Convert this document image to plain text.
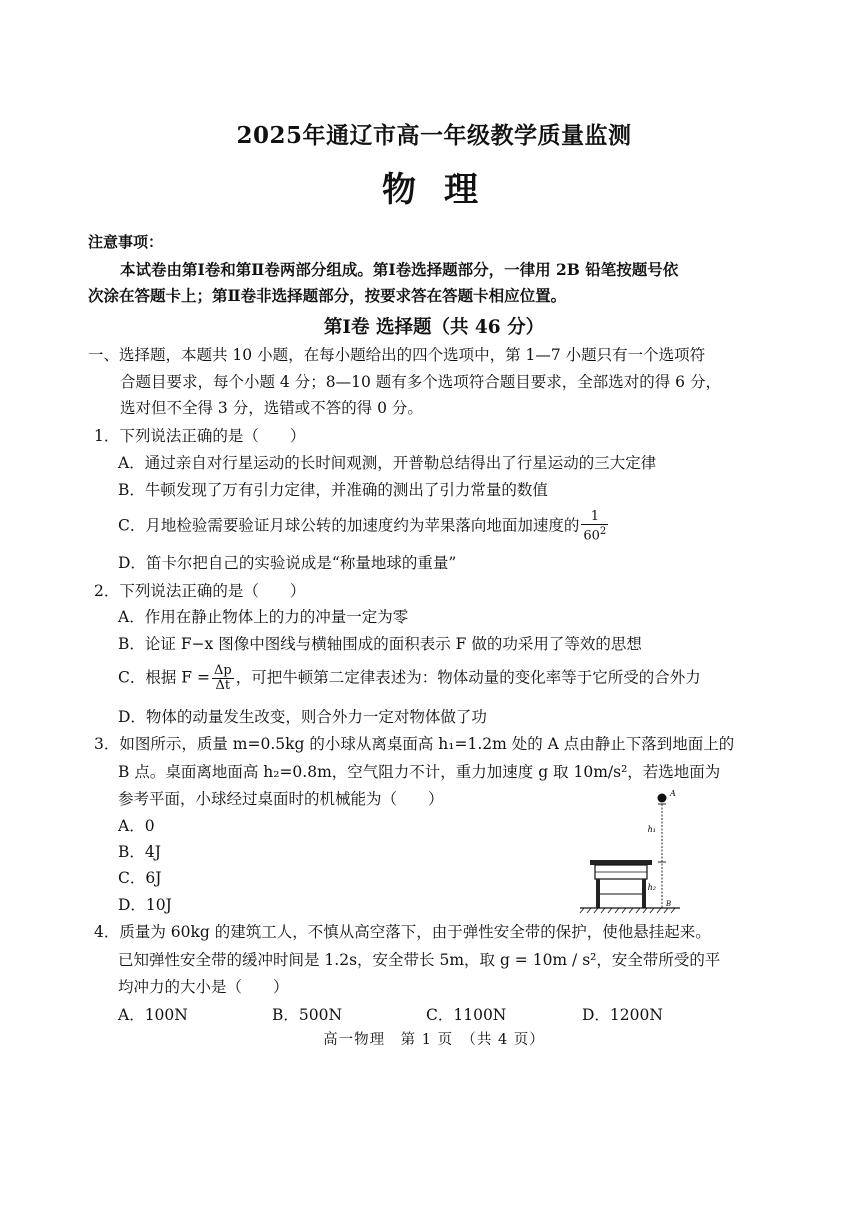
2025年通辽市高一年级教学质量监测
物理
注意事项：
本试卷由第Ⅰ卷和第Ⅱ卷两部分组成。第Ⅰ卷选择题部分，一律用 2B 铅笔按题号依
次涂在答题卡上；第Ⅱ卷非选择题部分，按要求答在答题卡相应位置。
第Ⅰ卷 选择题（共 46 分）
一、选择题，本题共 10 小题，在每小题给出的四个选项中，第 1—7 小题只有一个选项符
合题目要求，每个小题 4 分；8—10 题有多个选项符合题目要求，全部选对的得 6 分，
选对但不全得 3 分，选错或不答的得 0 分。
1．下列说法正确的是（　　）
A．通过亲自对行星运动的长时间观测，开普勒总结得出了行星运动的三大定律
B．牛顿发现了万有引力定律，并准确的测出了引力常量的数值
C．月地检验需要验证月球公转的加速度约为苹果落向地面加速度的 $\frac{1}{60^2}$
D．笛卡尔把自己的实验说成是“称量地球的重量”
2．下列说法正确的是（　　）
A．作用在静止物体上的力的冲量一定为零
B．论证 F−x 图像中图线与横轴围成的面积表示 F 做的功采用了等效的思想
C．根据 $F = \frac{\Delta p}{\Delta t}$ ，可把牛顿第二定律表述为：物体动量的变化率等于它所受的合外力
D．物体的动量发生改变，则合外力一定对物体做了功
3．如图所示，质量 m=0.5kg 的小球从离桌面高 h₁=1.2m 处的 A 点由静止下落到地面上的
B 点。桌面离地面高 h₂=0.8m，空气阻力不计，重力加速度 g 取 10m/s²，若选地面为
参考平面，小球经过桌面时的机械能为（　　）
A．0
B．4J
C．6J
D．10J
A
h₁
h₂
B
4．质量为 60kg 的建筑工人，不慎从高空落下，由于弹性安全带的保护，使他悬挂起来。
已知弹性安全带的缓冲时间是 1.2s，安全带长 5m，取 g = 10m / s²，安全带所受的平
均冲力的大小是（　　）
A．100N	B．500N	C．1100N	D．1200N
高一物理　第 1 页　（共 4 页）
